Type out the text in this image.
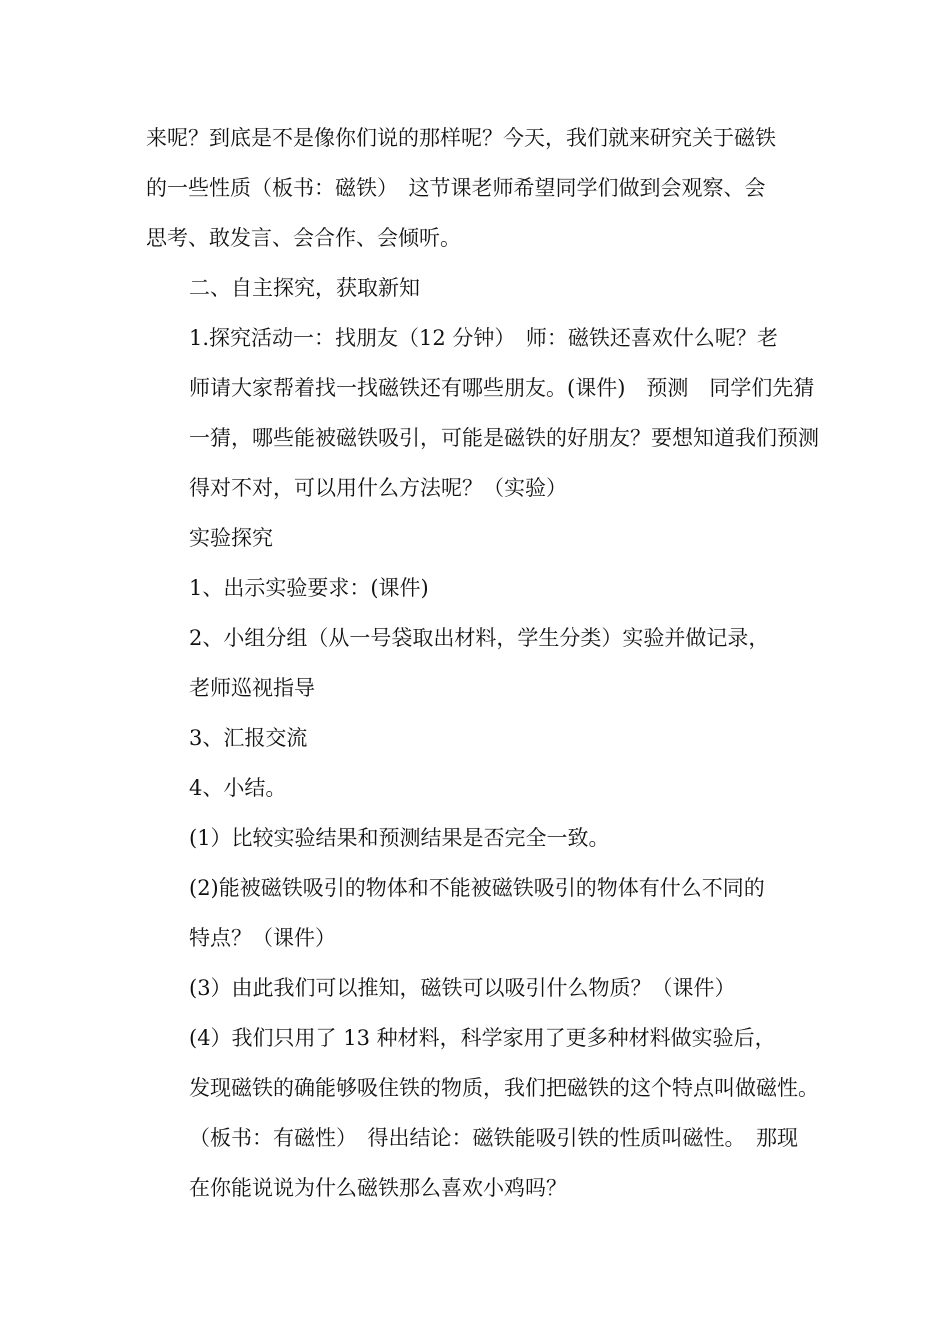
来呢？到底是不是像你们说的那样呢？今天，我们就来研究关于磁铁
的一些性质（板书：磁铁）　这节课老师希望同学们做到会观察、会
思考、敢发言、会合作、会倾听。

二、自主探究，获取新知

1.探究活动一：找朋友（12 分钟）　师：磁铁还喜欢什么呢？老
师请大家帮着找一找磁铁还有哪些朋友。(课件)　预测　同学们先猜
一猜，哪些能被磁铁吸引，可能是磁铁的好朋友？要想知道我们预测
得对不对，可以用什么方法呢？（实验）

实验探究

1、出示实验要求：(课件)

2、小组分组（从一号袋取出材料，学生分类）实验并做记录，
老师巡视指导

3、汇报交流

4、小结。

(1）比较实验结果和预测结果是否完全一致。

(2)能被磁铁吸引的物体和不能被磁铁吸引的物体有什么不同的
特点？（课件）

(3）由此我们可以推知，磁铁可以吸引什么物质？（课件）

(4）我们只用了 13 种材料，科学家用了更多种材料做实验后，
发现磁铁的确能够吸住铁的物质，我们把磁铁的这个特点叫做磁性。
（板书：有磁性）　得出结论：磁铁能吸引铁的性质叫磁性。　那现
在你能说说为什么磁铁那么喜欢小鸡吗？
